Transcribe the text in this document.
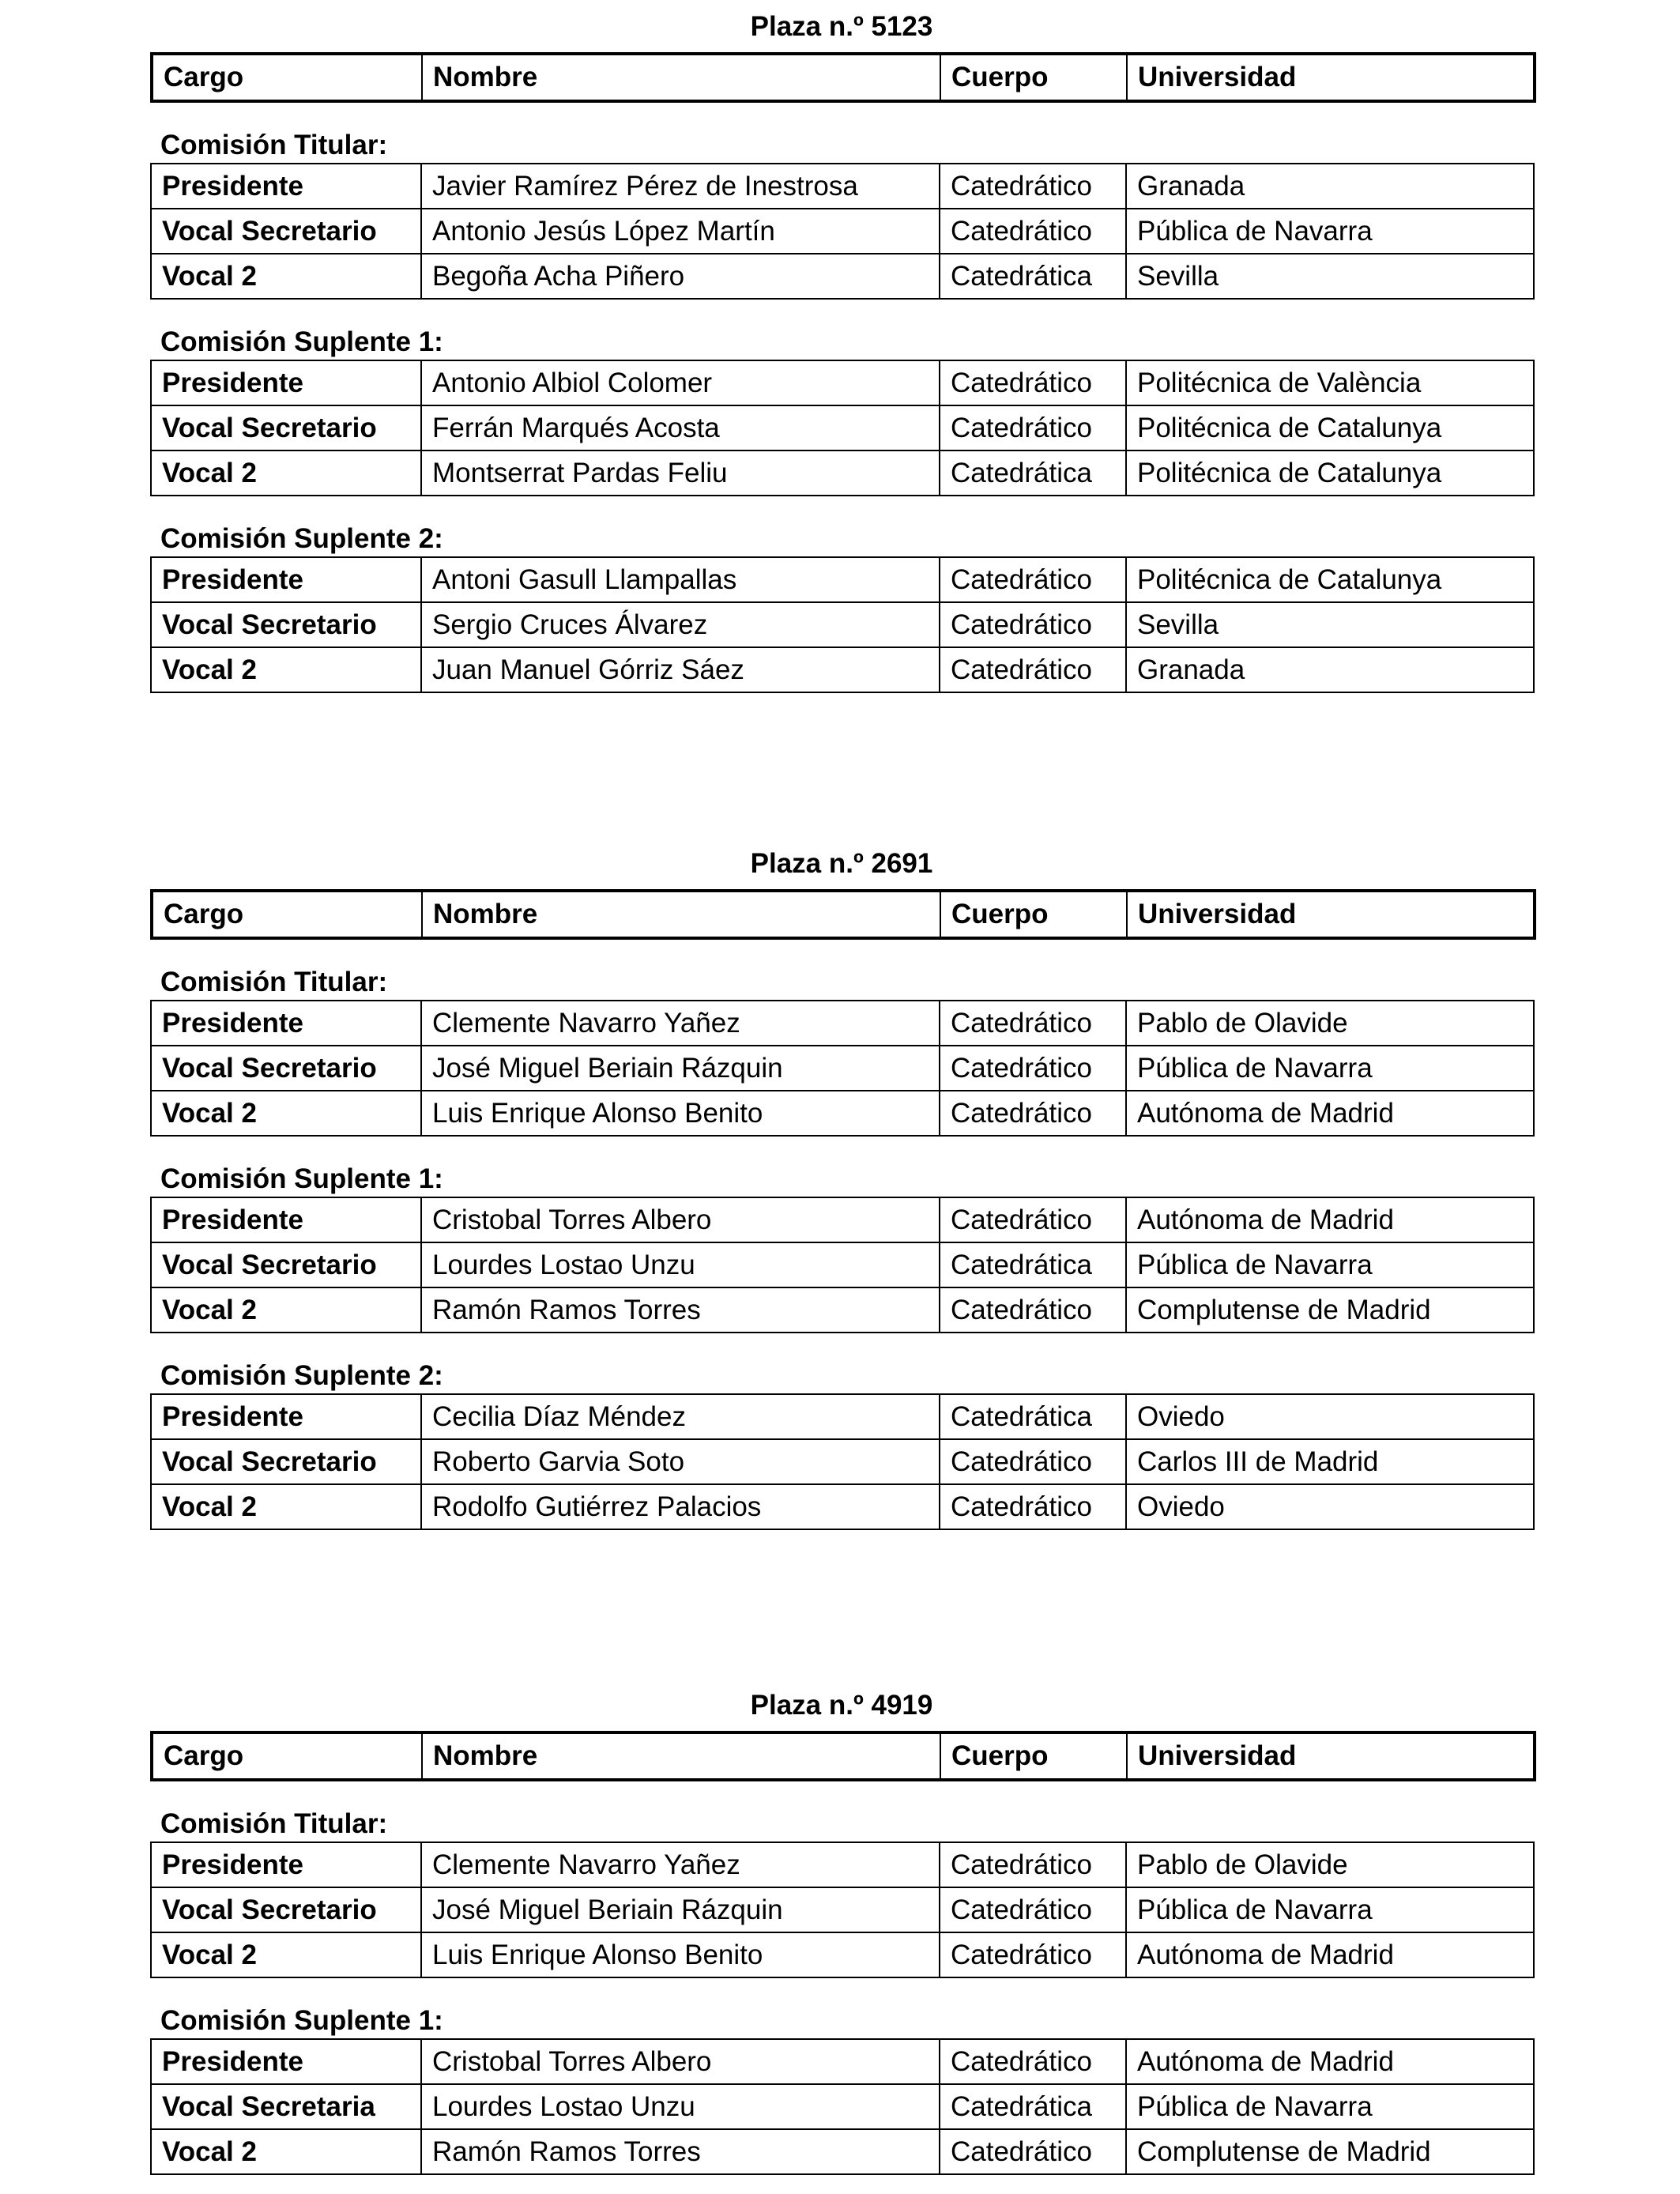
Plaza n.º 5123
Cargo	Nombre	Cuerpo	Universidad
Comisión Titular:
Presidente	Javier Ramírez Pérez de Inestrosa	Catedrático	Granada
Vocal Secretario	Antonio Jesús López Martín	Catedrático	Pública de Navarra
Vocal 2	Begoña Acha Piñero	Catedrática	Sevilla
Comisión Suplente 1:
Presidente	Antonio Albiol Colomer	Catedrático	Politécnica de València
Vocal Secretario	Ferrán Marqués Acosta	Catedrático	Politécnica de Catalunya
Vocal 2	Montserrat Pardas Feliu	Catedrática	Politécnica de Catalunya
Comisión Suplente 2:
Presidente	Antoni Gasull Llampallas	Catedrático	Politécnica de Catalunya
Vocal Secretario	Sergio Cruces Álvarez	Catedrático	Sevilla
Vocal 2	Juan Manuel Górriz Sáez	Catedrático	Granada
Plaza n.º 2691
Cargo	Nombre	Cuerpo	Universidad
Comisión Titular:
Presidente	Clemente Navarro Yañez	Catedrático	Pablo de Olavide
Vocal Secretario	José Miguel Beriain Rázquin	Catedrático	Pública de Navarra
Vocal 2	Luis Enrique Alonso Benito	Catedrático	Autónoma de Madrid
Comisión Suplente 1:
Presidente	Cristobal Torres Albero	Catedrático	Autónoma de Madrid
Vocal Secretario	Lourdes Lostao Unzu	Catedrática	Pública de Navarra
Vocal 2	Ramón Ramos Torres	Catedrático	Complutense de Madrid
Comisión Suplente 2:
Presidente	Cecilia Díaz Méndez	Catedrática	Oviedo
Vocal Secretario	Roberto Garvia Soto	Catedrático	Carlos III de Madrid
Vocal 2	Rodolfo Gutiérrez Palacios	Catedrático	Oviedo
Plaza n.º 4919
Cargo	Nombre	Cuerpo	Universidad
Comisión Titular:
Presidente	Clemente Navarro Yañez	Catedrático	Pablo de Olavide
Vocal Secretario	José Miguel Beriain Rázquin	Catedrático	Pública de Navarra
Vocal 2	Luis Enrique Alonso Benito	Catedrático	Autónoma de Madrid
Comisión Suplente 1:
Presidente	Cristobal Torres Albero	Catedrático	Autónoma de Madrid
Vocal Secretaria	Lourdes Lostao Unzu	Catedrática	Pública de Navarra
Vocal 2	Ramón Ramos Torres	Catedrático	Complutense de Madrid
